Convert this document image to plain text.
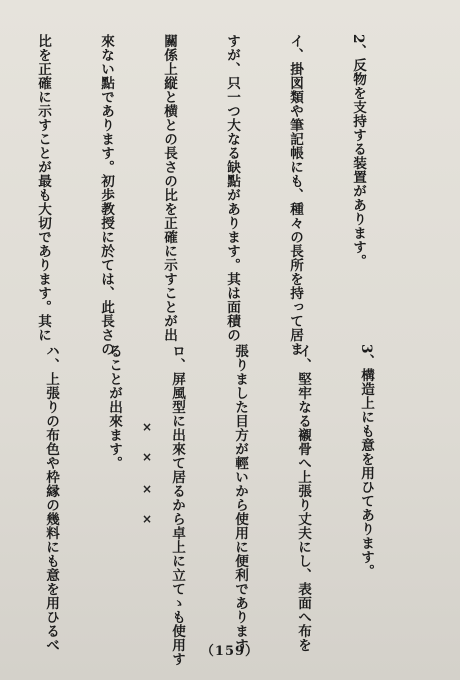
2、反物を支持する装置があります。

イ、掛図類や筆記帳にも、種々の長所を持って居ま

すが、只一つ大なる缺點があります。其は面積の

關係上縦と横との長さの比を正確に示すことが出

來ない點であります。初歩教授に於ては、此長さの

比を正確に示すことが最も大切であります。其に

3、構造上にも意を用ひてあります。

イ、堅牢なる襯骨へ上張り丈夫にし、表面へ布を

張りました目方が輕いから使用に便利であります

ロ、屏風型に出來て居るから卓上に立てゝも使用す

ることが出來ます。

ハ、上張りの布色や枠縁の幾料にも意を用ひるべ

	×
×
×
×
（159）
